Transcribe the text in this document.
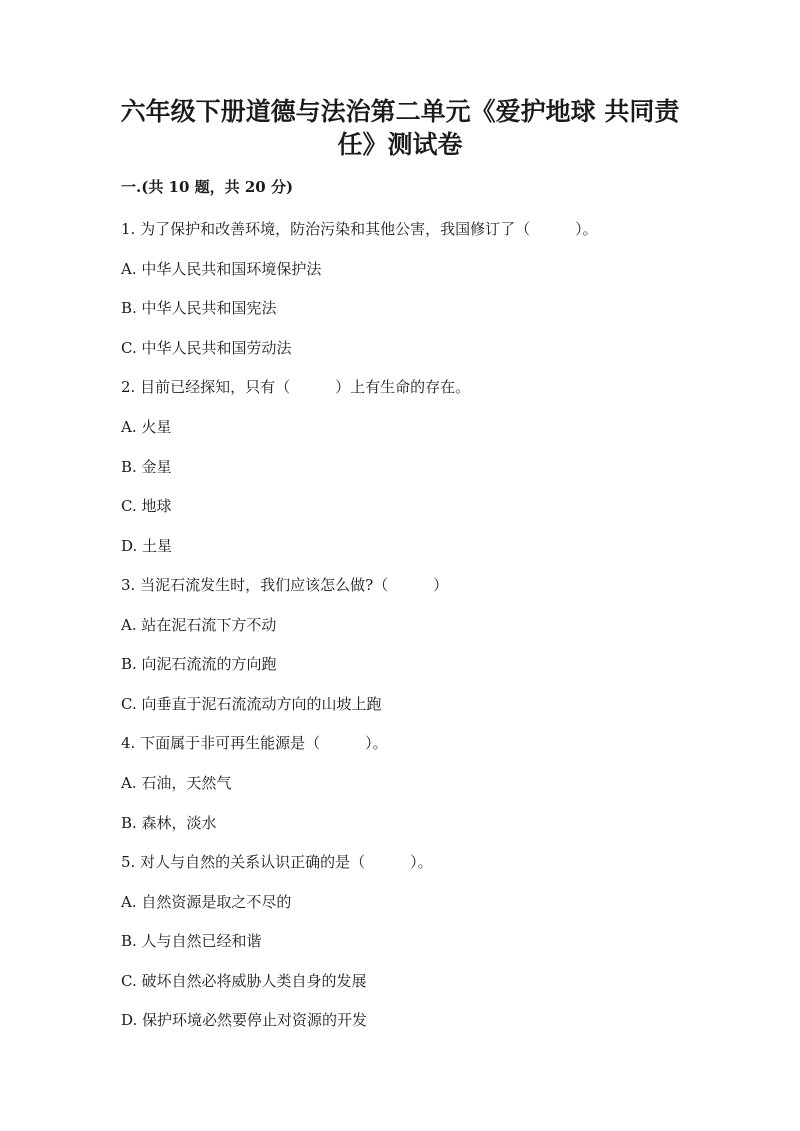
六年级下册道德与法治第二单元《爱护地球 共同责
任》测试卷
一.(共 10 题，共 20 分)
1. 为了保护和改善环境，防治污染和其他公害，我国修订了（　　　）。
A. 中华人民共和国环境保护法
B. 中华人民共和国宪法
C. 中华人民共和国劳动法
2. 目前已经探知，只有（　　　）上有生命的存在。
A. 火星
B. 金星
C. 地球
D. 土星
3. 当泥石流发生时，我们应该怎么做?（　　　）
A. 站在泥石流下方不动
B. 向泥石流流的方向跑
C. 向垂直于泥石流流动方向的山坡上跑
4. 下面属于非可再生能源是（　　　）。
A. 石油，天然气
B. 森林，淡水
5. 对人与自然的关系认识正确的是（　　　）。
A. 自然资源是取之不尽的
B. 人与自然已经和谐
C. 破坏自然必将威胁人类自身的发展
D. 保护环境必然要停止对资源的开发
